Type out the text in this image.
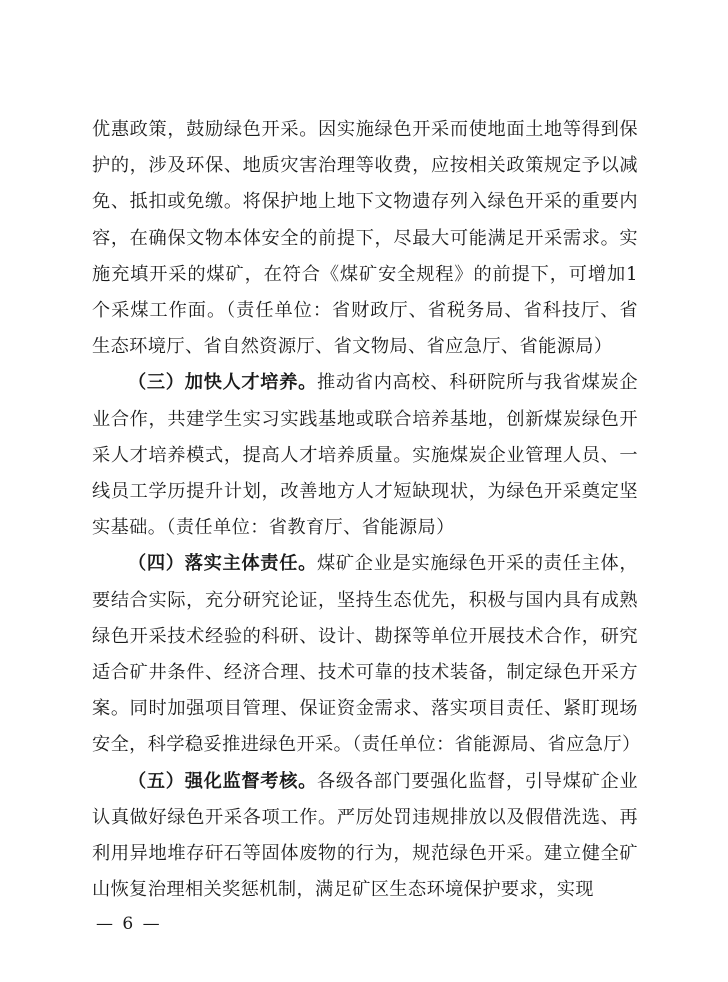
优惠政策，鼓励绿色开采。因实施绿色开采而使地面土地等得到保护的，涉及环保、地质灾害治理等收费，应按相关政策规定予以减免、抵扣或免缴。将保护地上地下文物遗存列入绿色开采的重要内容，在确保文物本体安全的前提下，尽最大可能满足开采需求。实施充填开采的煤矿，在符合《煤矿安全规程》的前提下，可增加1个采煤工作面。（责任单位：省财政厅、省税务局、省科技厅、省生态环境厅、省自然资源厅、省文物局、省应急厅、省能源局）

（三）加快人才培养。推动省内高校、科研院所与我省煤炭企业合作，共建学生实习实践基地或联合培养基地，创新煤炭绿色开采人才培养模式，提高人才培养质量。实施煤炭企业管理人员、一线员工学历提升计划，改善地方人才短缺现状，为绿色开采奠定坚实基础。（责任单位：省教育厅、省能源局）

（四）落实主体责任。煤矿企业是实施绿色开采的责任主体，要结合实际，充分研究论证，坚持生态优先，积极与国内具有成熟绿色开采技术经验的科研、设计、勘探等单位开展技术合作，研究适合矿井条件、经济合理、技术可靠的技术装备，制定绿色开采方案。同时加强项目管理、保证资金需求、落实项目责任、紧盯现场安全，科学稳妥推进绿色开采。（责任单位：省能源局、省应急厅）

（五）强化监督考核。各级各部门要强化监督，引导煤矿企业认真做好绿色开采各项工作。严厉处罚违规排放以及假借洗选、再利用异地堆存矸石等固体废物的行为，规范绿色开采。建立健全矿山恢复治理相关奖惩机制，满足矿区生态环境保护要求，实现

— 6 —
